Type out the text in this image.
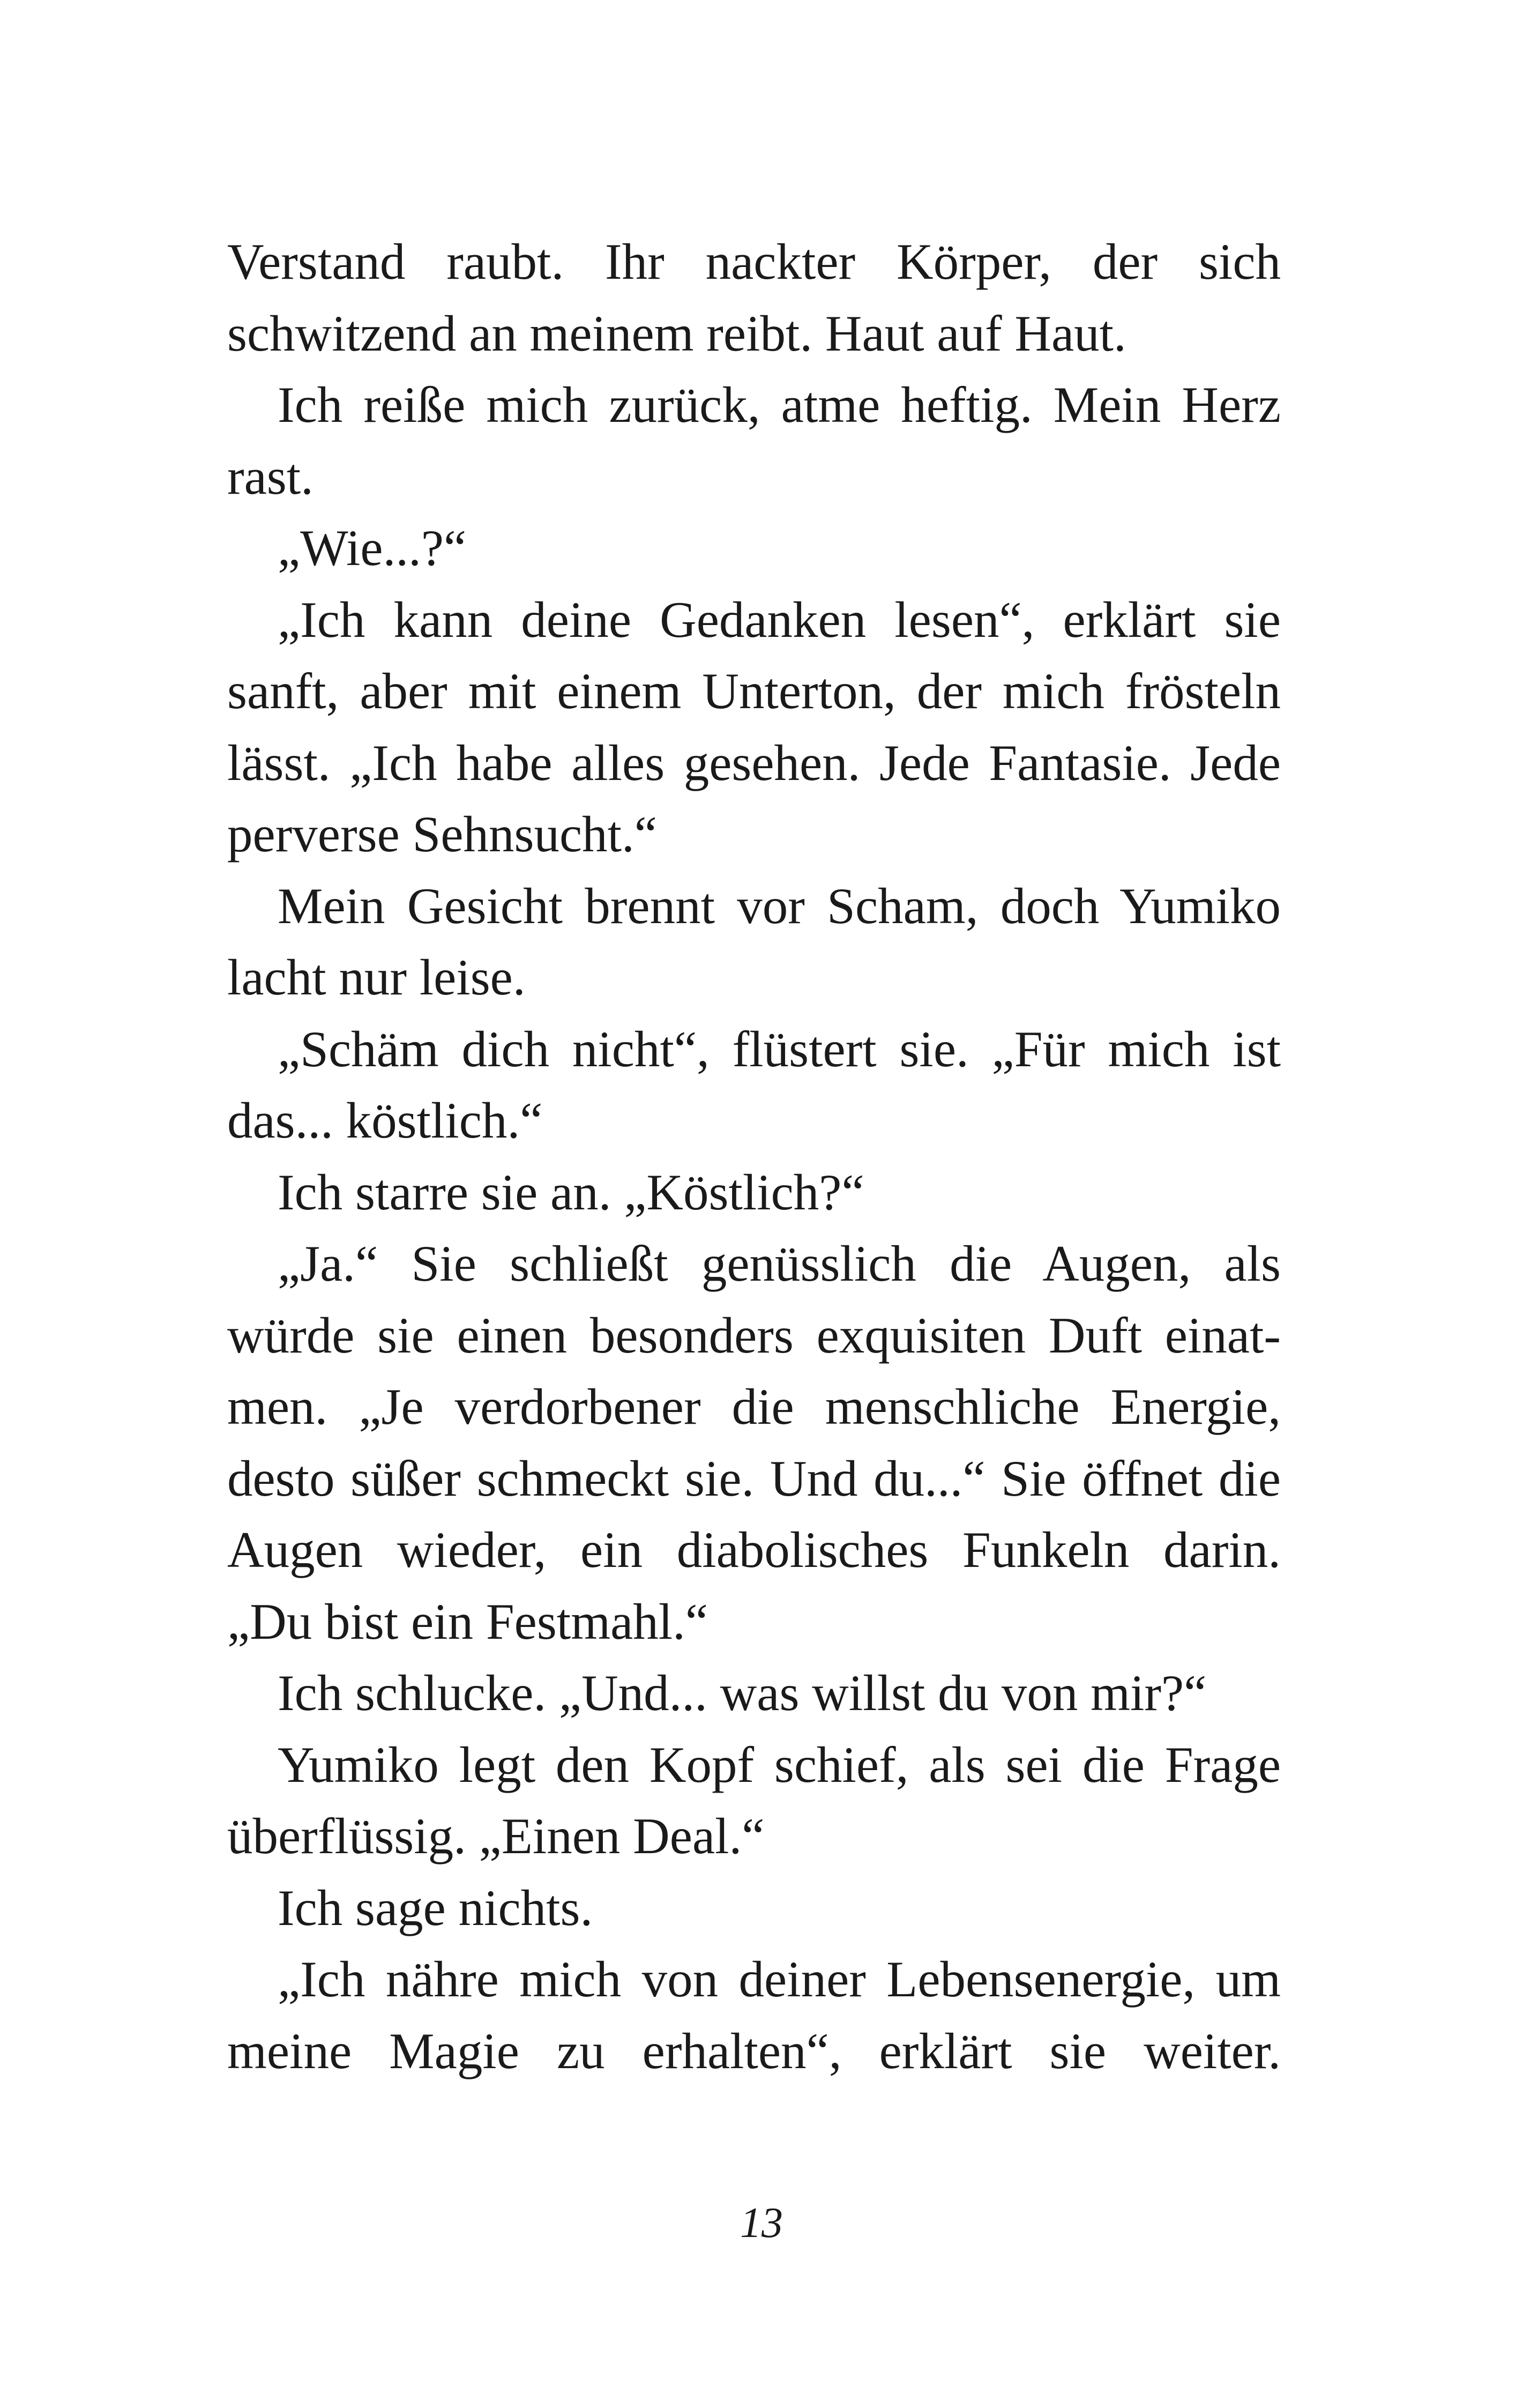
Verstand raubt. Ihr nackter Körper, der sich
schwitzend an meinem reibt. Haut auf Haut.
Ich reiße mich zurück, atme heftig. Mein Herz
rast.
„Wie...?“
„Ich kann deine Gedanken lesen“, erklärt sie
sanft, aber mit einem Unterton, der mich frösteln
lässt. „Ich habe alles gesehen. Jede Fantasie. Jede
perverse Sehnsucht.“
Mein Gesicht brennt vor Scham, doch Yumiko
lacht nur leise.
„Schäm dich nicht“, flüstert sie. „Für mich ist
das... köstlich.“
Ich starre sie an. „Köstlich?“
„Ja.“ Sie schließt genüsslich die Augen, als
würde sie einen besonders exquisiten Duft einat-
men. „Je verdorbener die menschliche Energie,
desto süßer schmeckt sie. Und du...“ Sie öffnet die
Augen wieder, ein diabolisches Funkeln darin.
„Du bist ein Festmahl.“
Ich schlucke. „Und... was willst du von mir?“
Yumiko legt den Kopf schief, als sei die Frage
überflüssig. „Einen Deal.“
Ich sage nichts.
„Ich nähre mich von deiner Lebensenergie, um
meine Magie zu erhalten“, erklärt sie weiter.
13
